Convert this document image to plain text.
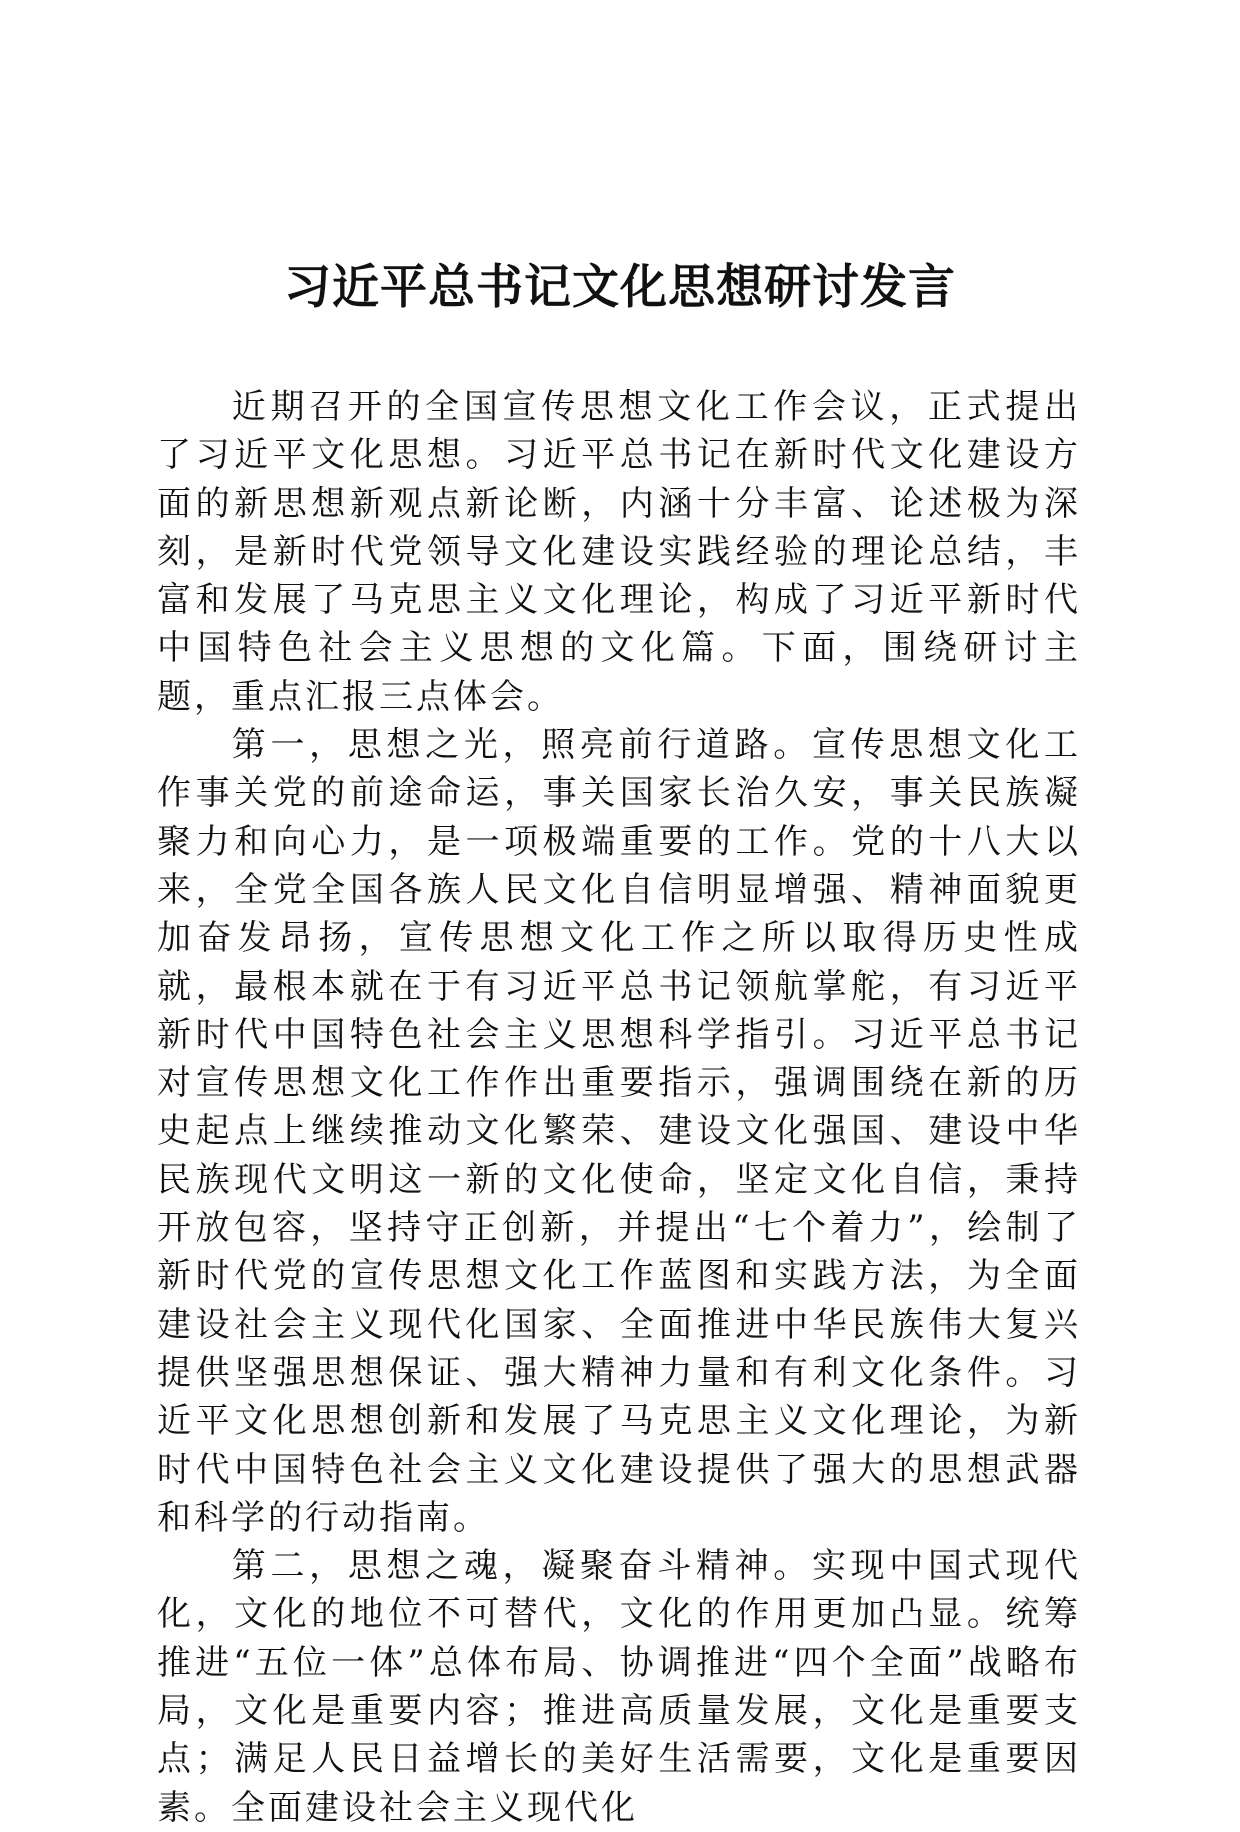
习近平总书记文化思想研讨发言

近期召开的全国宣传思想文化工作会议，正式提出了习近平文化思想。习近平总书记在新时代文化建设方面的新思想新观点新论断，内涵十分丰富、论述极为深刻，是新时代党领导文化建设实践经验的理论总结，丰富和发展了马克思主义文化理论，构成了习近平新时代中国特色社会主义思想的文化篇。下面，围绕研讨主题，重点汇报三点体会。

第一，思想之光，照亮前行道路。宣传思想文化工作事关党的前途命运，事关国家长治久安，事关民族凝聚力和向心力，是一项极端重要的工作。党的十八大以来，全党全国各族人民文化自信明显增强、精神面貌更加奋发昂扬，宣传思想文化工作之所以取得历史性成就，最根本就在于有习近平总书记领航掌舵，有习近平新时代中国特色社会主义思想科学指引。习近平总书记对宣传思想文化工作作出重要指示，强调围绕在新的历史起点上继续推动文化繁荣、建设文化强国、建设中华民族现代文明这一新的文化使命，坚定文化自信，秉持开放包容，坚持守正创新，并提出“七个着力”，绘制了新时代党的宣传思想文化工作蓝图和实践方法，为全面建设社会主义现代化国家、全面推进中华民族伟大复兴提供坚强思想保证、强大精神力量和有利文化条件。习近平文化思想创新和发展了马克思主义文化理论，为新时代中国特色社会主义文化建设提供了强大的思想武器和科学的行动指南。

第二，思想之魂，凝聚奋斗精神。实现中国式现代化，文化的地位不可替代，文化的作用更加凸显。统筹推进“五位一体”总体布局、协调推进“四个全面”战略布局，文化是重要内容；推进高质量发展，文化是重要支点；满足人民日益增长的美好生活需要，文化是重要因素。全面建设社会主义现代化
